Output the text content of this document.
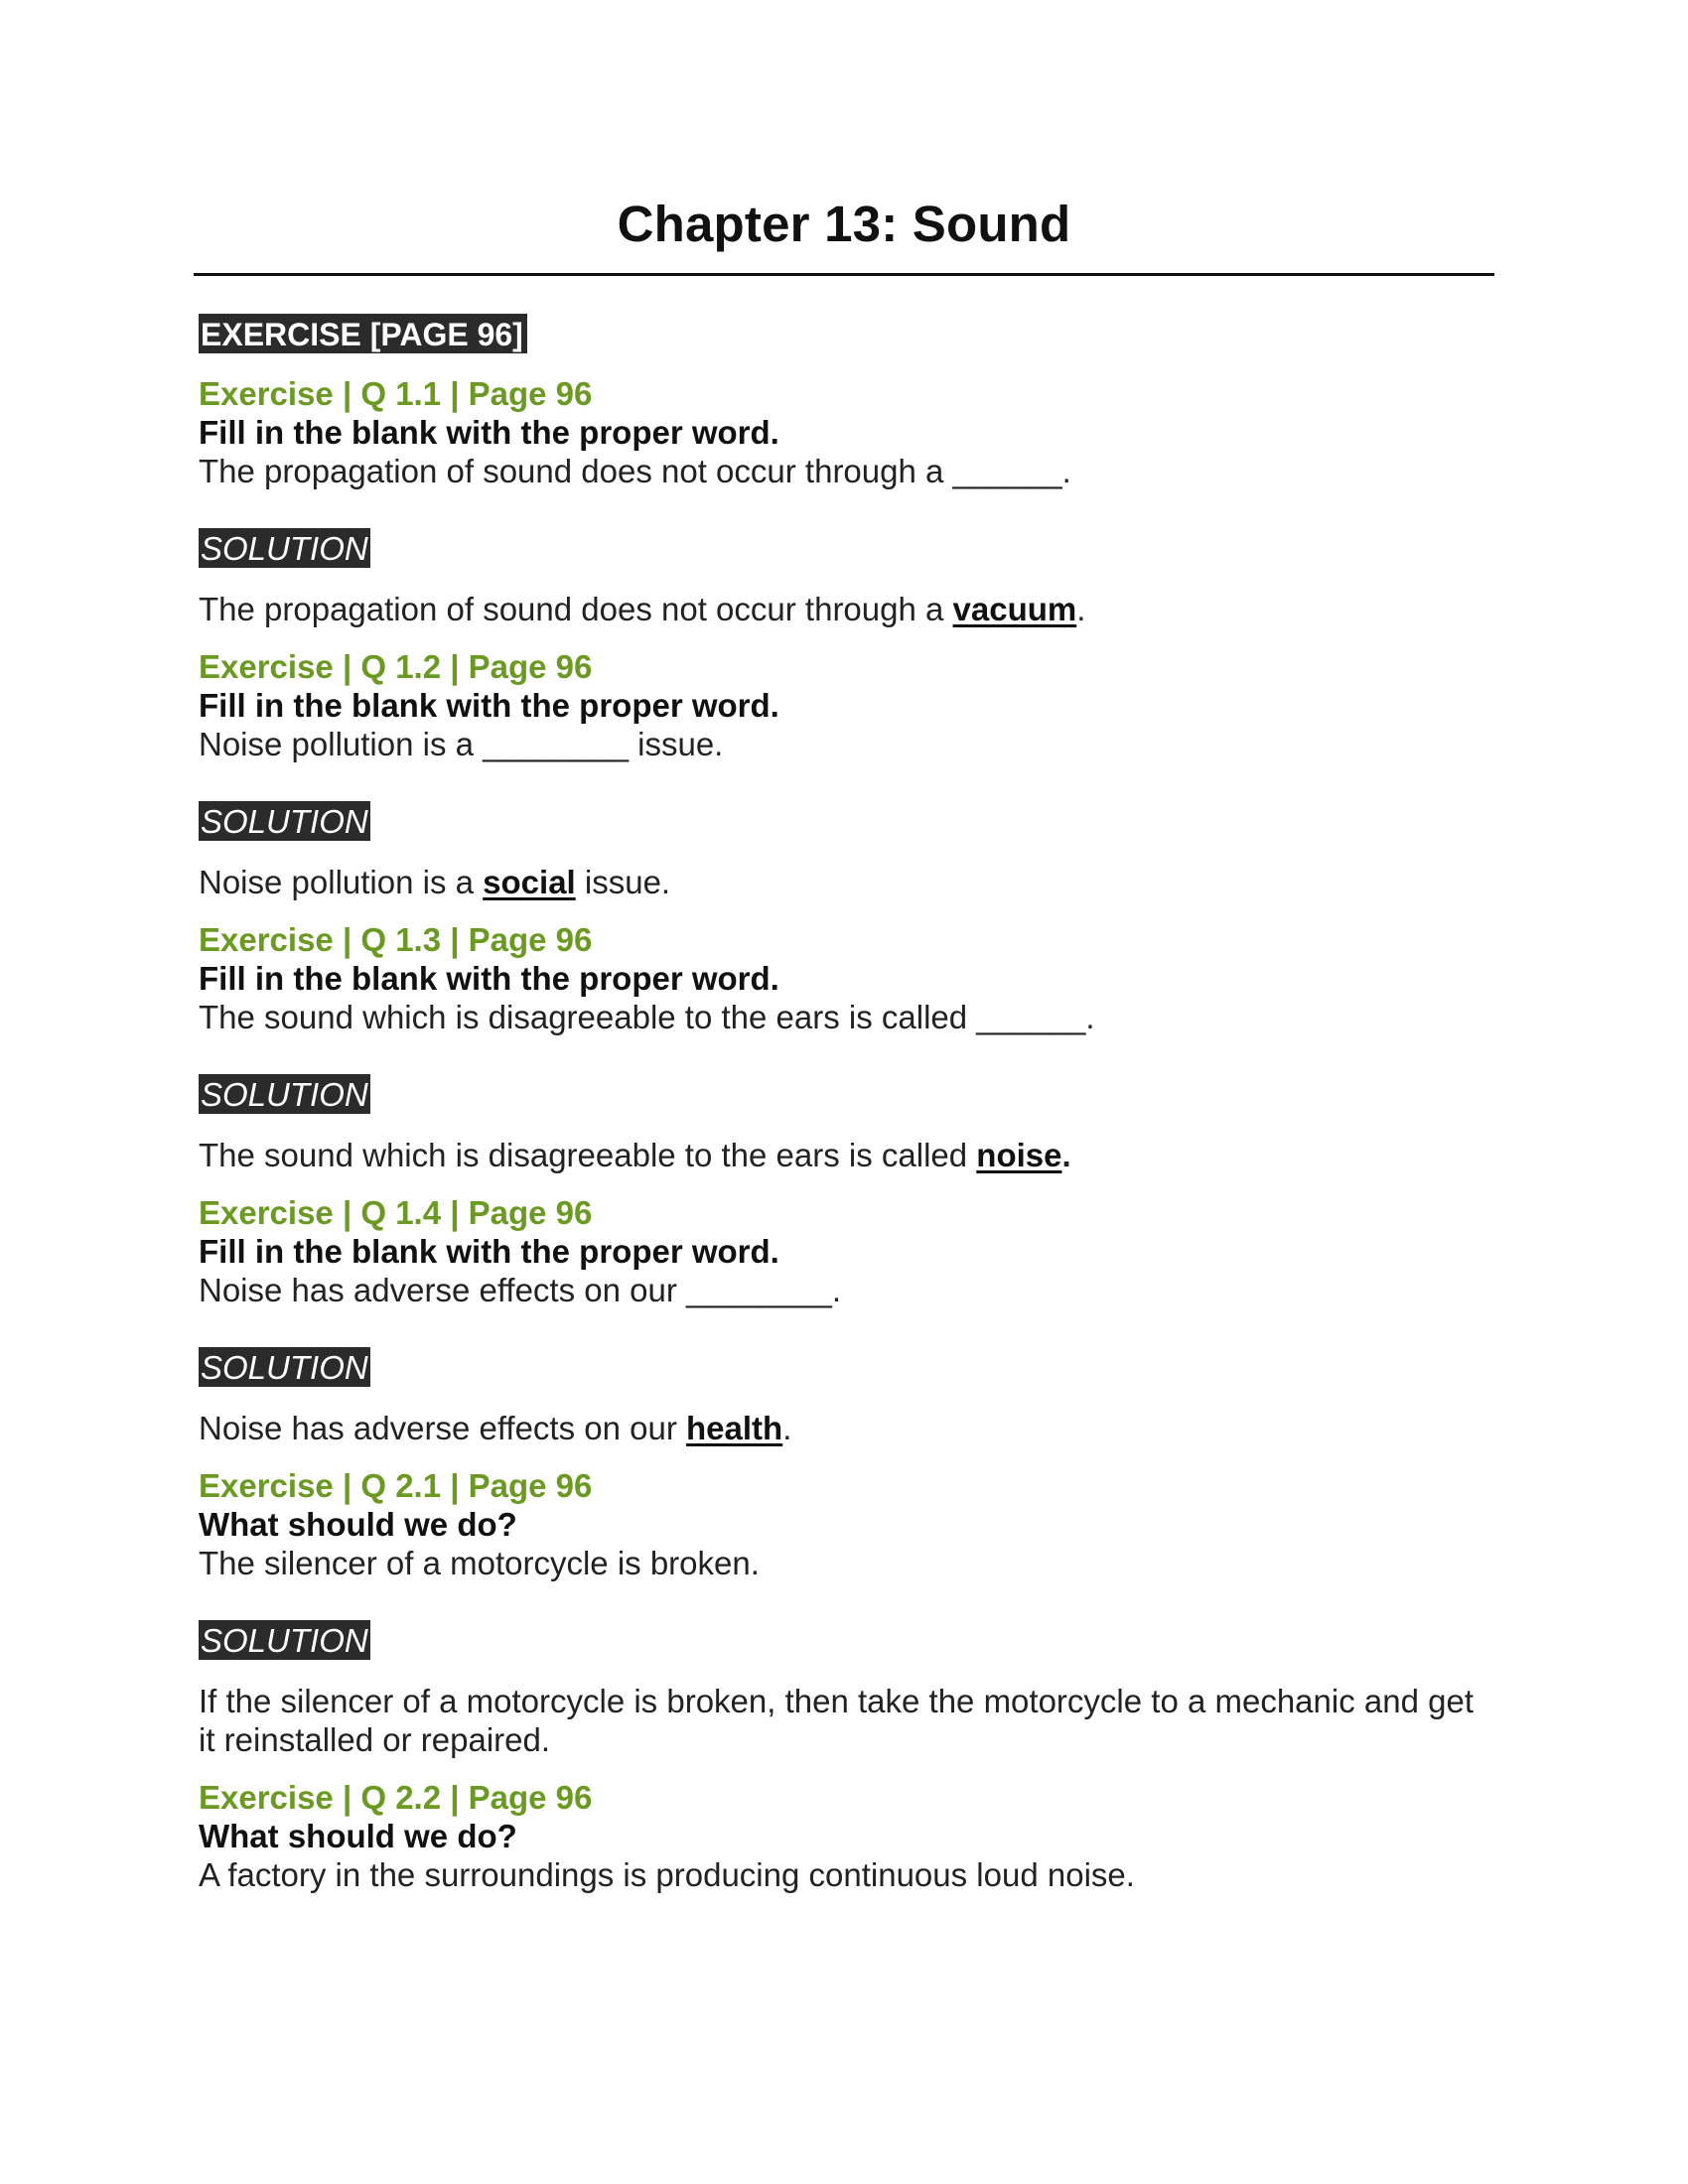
Chapter 13: Sound
EXERCISE [PAGE 96]

Exercise | Q 1.1 | Page 96

Fill in the blank with the proper word.

The propagation of sound does not occur through a ______.

SOLUTION

The propagation of sound does not occur through a vacuum.

Exercise | Q 1.2 | Page 96

Fill in the blank with the proper word.

Noise pollution is a ________ issue.

SOLUTION

Noise pollution is a social issue.

Exercise | Q 1.3 | Page 96

Fill in the blank with the proper word.

The sound which is disagreeable to the ears is called ______.

SOLUTION

The sound which is disagreeable to the ears is called noise.

Exercise | Q 1.4 | Page 96

Fill in the blank with the proper word.

Noise has adverse effects on our ________.

SOLUTION

Noise has adverse effects on our health.

Exercise | Q 2.1 | Page 96

What should we do?

The silencer of a motorcycle is broken.

SOLUTION

If the silencer of a motorcycle is broken, then take the motorcycle to a mechanic and get it reinstalled or repaired.

Exercise | Q 2.2 | Page 96

What should we do?

A factory in the surroundings is producing continuous loud noise.
